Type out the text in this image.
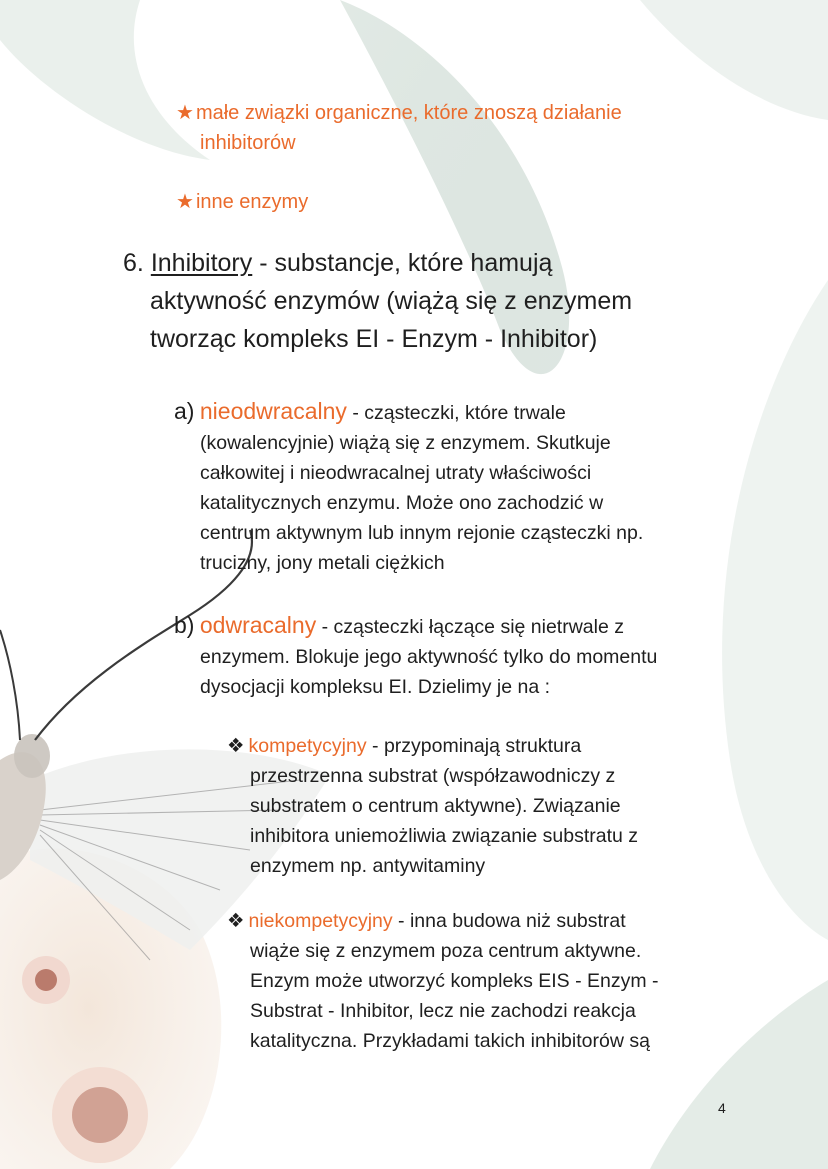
★ małe związki organiczne, które znoszą działanie
inhibitorów
★ inne enzymy
6. Inhibitory - substancje, które hamują
aktywność enzymów (wiążą się z enzymem
tworząc kompleks EI - Enzym - Inhibitor)
a) nieodwracalny - cząsteczki, które trwale
(kowalencyjnie) wiążą się z enzymem. Skutkuje
całkowitej i nieodwracalnej utraty właściwości
katalitycznych enzymu. Może ono zachodzić w
centrum aktywnym lub innym rejonie cząsteczki np.
trucizny, jony metali ciężkich
b) odwracalny - cząsteczki łączące się nietrwale z
enzymem. Blokuje jego aktywność tylko do momentu
dysocjacji kompleksu EI. Dzielimy je na :
❖ kompetycyjny - przypominają struktura
przestrzenna substrat (współzawodniczy z
substratem o centrum aktywne). Związanie
inhibitora uniemożliwia związanie substratu z
enzymem np. antywitaminy
❖ niekompetycyjny - inna budowa niż substrat
wiąże się z enzymem poza centrum aktywne.
Enzym może utworzyć kompleks EIS - Enzym -
Substrat - Inhibitor, lecz nie zachodzi reakcja
katalityczna. Przykładami takich inhibitorów są
4
